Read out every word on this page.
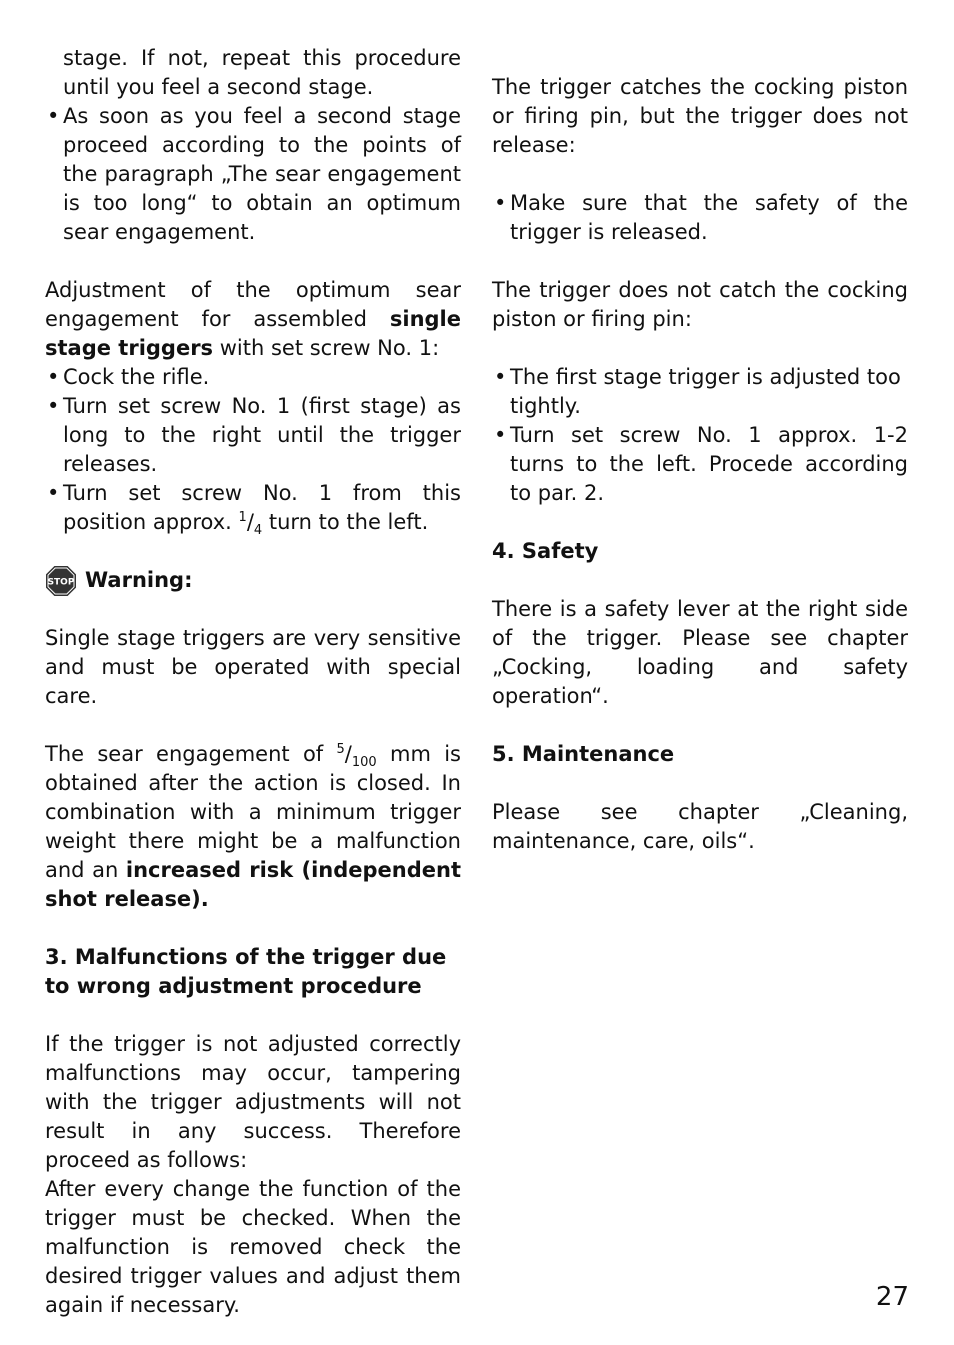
stage. If not, repeat this procedure until you feel a second stage.

• As soon as you feel a second stage proceed according to the points of the paragraph „The sear engagement is too long“ to obtain an optimum sear engagement.

Adjustment of the optimum sear engagement for assembled single stage triggers with set screw No. 1:

• Cock the rifle.

• Turn set screw No. 1 (first stage) as long to the right until the trigger releases.

• Turn set screw No. 1 from this position approx. $^1/_4$ turn to the left.

STOP Warning:

Single stage triggers are very sensitive and must be operated with special care.

The sear engagement of $^5/_{100}$ mm is obtained after the action is closed. In combination with a minimum trigger weight there might be a malfunction and an increased risk (independent shot release).

3. Malfunctions of the trigger due to wrong adjustment procedure

If the trigger is not adjusted correctly malfunctions may occur, tampering with the trigger adjustments will not result in any success. Therefore proceed as follows:

After every change the function of the trigger must be checked. When the malfunction is removed check the desired trigger values and adjust them again if necessary.

The trigger catches the cocking piston or firing pin, but the trigger does not release:

• Make sure that the safety of the trigger is released.

The trigger does not catch the cocking piston or firing pin:

• The first stage trigger is adjusted too tightly.

• Turn set screw No. 1 approx. 1-2 turns to the left. Procede according to par. 2.

4. Safety

There is a safety lever at the right side of the trigger. Please see chapter „Cocking, loading and safety operation“.

5. Maintenance

Please see chapter „Cleaning, maintenance, care, oils“.

27
